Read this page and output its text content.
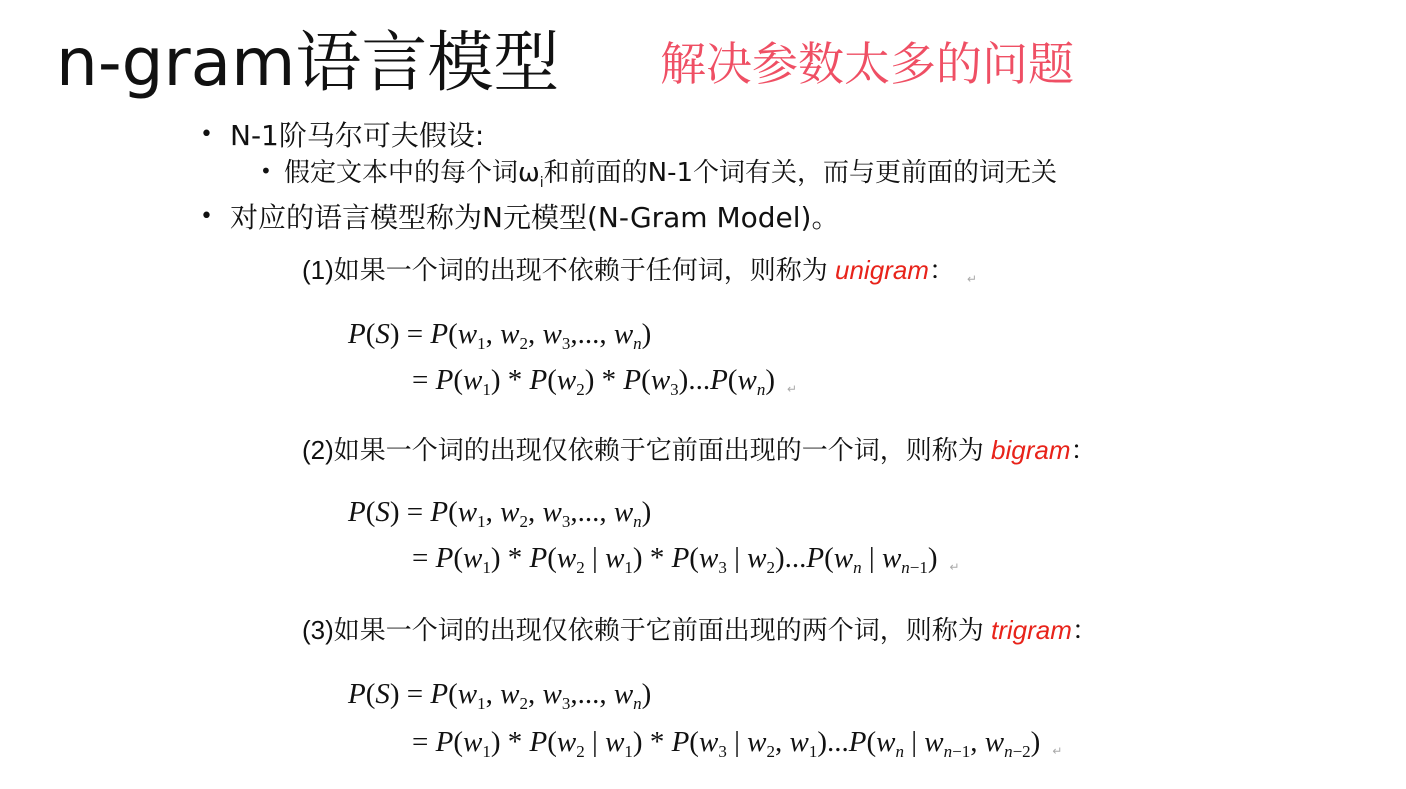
n-gram语言模型 解决参数太多的问题
• N-1阶马尔可夫假设:
• 假定文本中的每个词$\omega_i$和前面的N-1个词有关，而与更前面的词无关
• 对应的语言模型称为N元模型(N-Gram Model)。
(1)如果一个词的出现不依赖于任何词，则称为 unigram： ↵
$P(S) = P(w_1$, $w_2$, $w_3$,..., $w_n$)
= $P(w_1) * P(w_2) * P(w_3)...P(w_n)$ ↵
(2)如果一个词的出现仅依赖于它前面出现的一个词，则称为 bigram：
$P(S) = P(w_1$, $w_2$, $w_3$,..., $w_n$)
= $P(w_1) * P(w_2$ | $w_1) * P(w_3$ | $w_2)...P(w_n$ | $w_{n-1}$) ↵
(3)如果一个词的出现仅依赖于它前面出现的两个词，则称为 trigram：
$P(S) = P(w_1$, $w_2$, $w_3$,..., $w_n$)
= $P(w_1) * P(w_2$ | $w_1) * P(w_3$ | $w_2$, $w_1)...P(w_n$ | $w_{n-1}$, $w_{n-2}$) ↵
